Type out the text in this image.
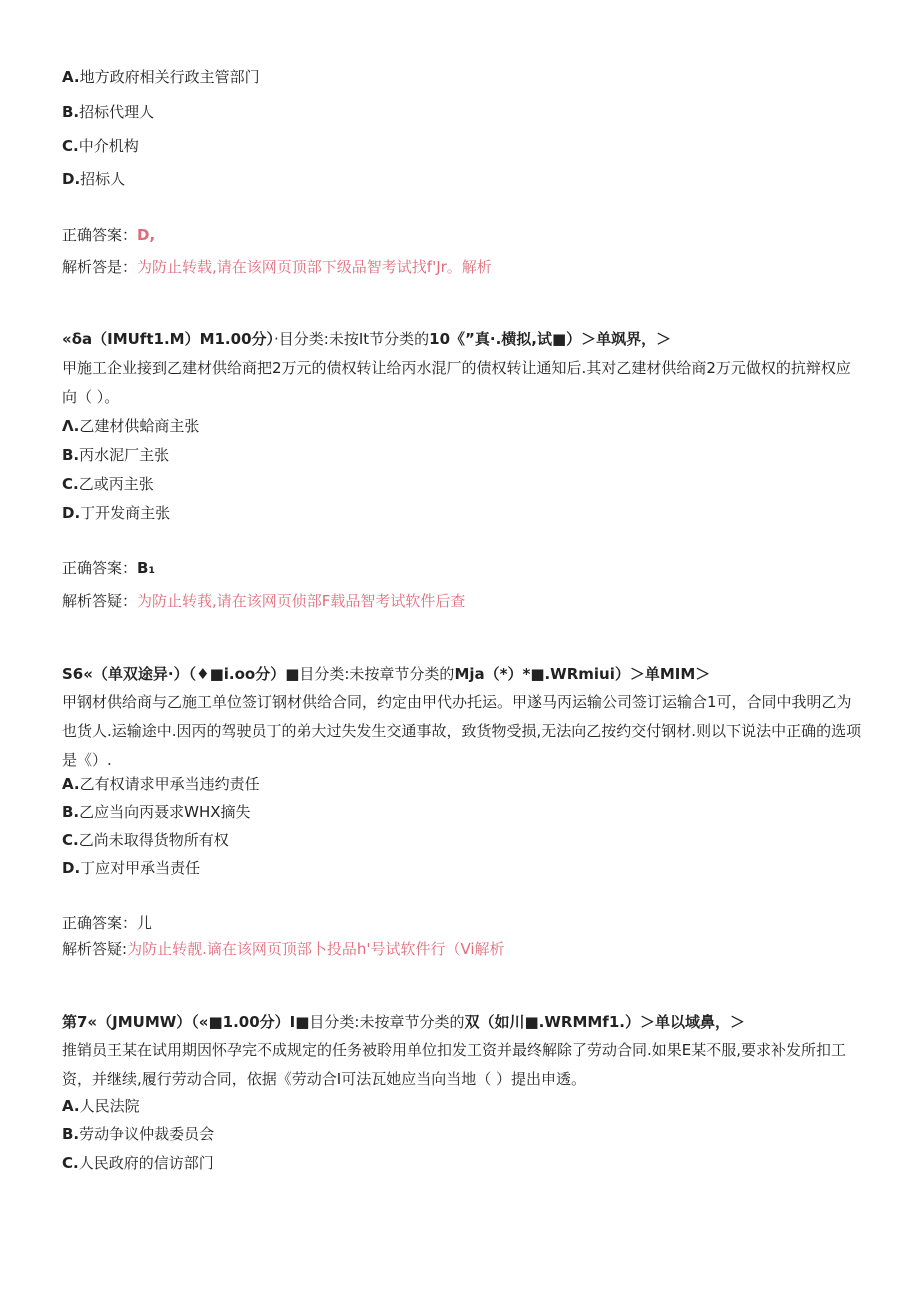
A.地方政府相关行政主管部门
B.招标代理人
C.中介机构
D.招标人
正确答案：D,
解析答是：为防止转载,请在该网页顶部下级品智考试找f'Jr。解析
«δa（IMUft1.M）M1.00分）·目分类:未按It节分类的10《”真·.横拟,试■）＞单飒界，＞
甲施工企业接到乙建材供给商把2万元的债权转让给丙水混厂的债权转让通知后.其对乙建材供给商2万元做权的抗辩权应向（ ）。
Λ.乙建材供蛤商主张
B.丙水泥厂主张
C.乙或丙主张
D.丁开发商主张
正确答案：B₁
解析答疑：为防止转莪,请在该网页侦部F载品智考试软件后查
S6«（单双途异·）（♦■i.oo分）■目分类:未按章节分类的Mja（*）*■.WRmiui）＞单MIM＞
甲钢材供给商与乙施工单位签订钢材供给合同，约定由甲代办托运。甲遂马丙运输公司签订运输合1可，合同中我明乙为也货人.运输途中.因丙的驾驶员丁的弟大过失发生交通事故，致货物受损,无法向乙按约交付钢材.则以下说法中正确的选项是《）.
A.乙有权请求甲承当违约责任
B.乙应当向丙聂求WHX摘失
C.乙尚未取得货物所有权
D.丁应对甲承当责任
正确答案：儿
解析答疑:为防止转靓.谪在该网页顶部卜投品h'号试软件行（Vi解析
第7«（JMUMW）（«■1.00分）I■目分类:未按章节分类的双（如川■.WRMMf1.）＞单以域鼻，＞
推销员王某在试用期因怀孕完不成规定的任务被聆用单位扣发工资并最终解除了劳动合同.如果E某不服,要求补发所扣工资，并继续,履行劳动合同，依据《劳动合I可法瓦她应当向当地（ ）提出申透。
A.人民法院
B.劳动争议仲裁委员会
C.人民政府的信访部门
